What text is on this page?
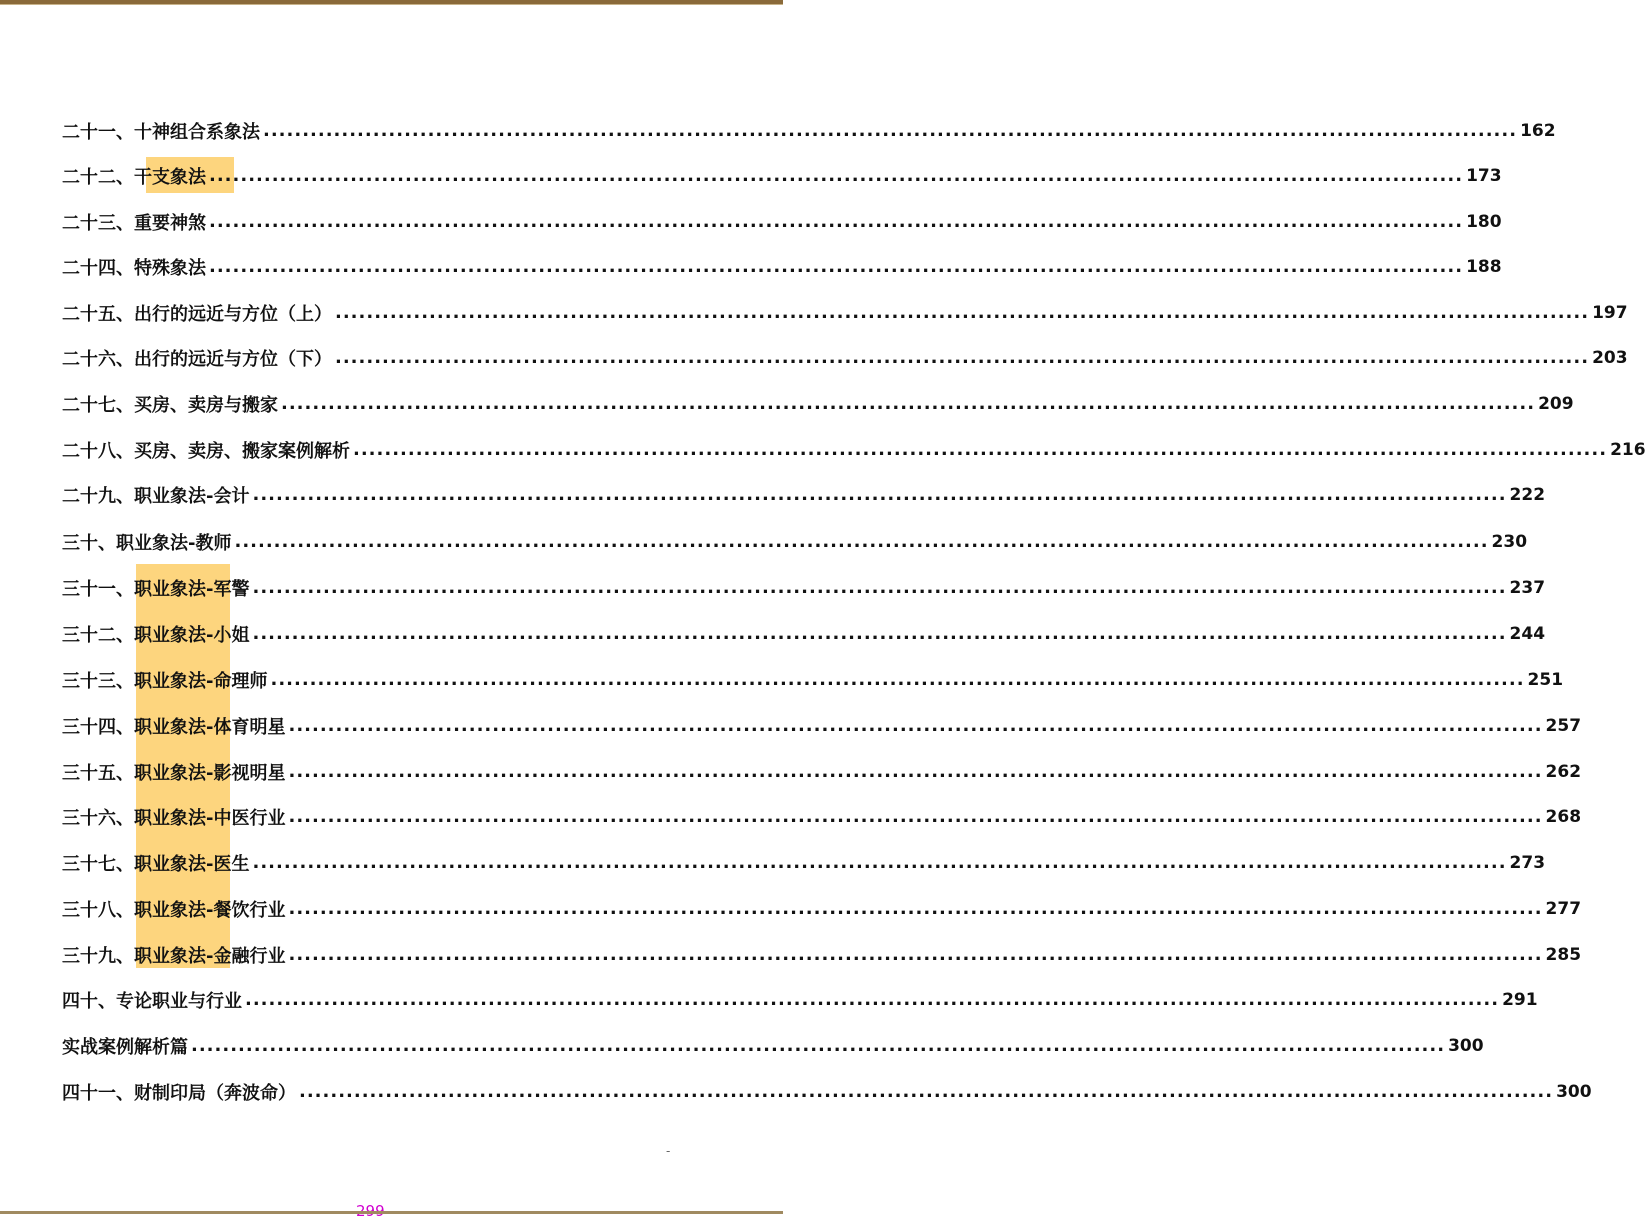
二十一、 十神组合系象法 ................................................................................................................................................................ 162
二十二、 干支象法 ................................................................................................................................................................ 173
二十三、 重要神煞 ................................................................................................................................................................ 180
二十四、 特殊象法 ................................................................................................................................................................ 188
二十五、 出行的远近与方位（上） ................................................................................................................................................................ 197
二十六、 出行的远近与方位（下） ................................................................................................................................................................ 203
二十七、 买房、卖房与搬家 ................................................................................................................................................................ 209
二十八、 买房、卖房、搬家案例解析 ................................................................................................................................................................ 216
二十九、 职业象法-会计 ................................................................................................................................................................ 222
三十、 职业象法-教师 ................................................................................................................................................................ 230
三十一、 职业象法-军警 ................................................................................................................................................................ 237
三十二、 职业象法-小姐 ................................................................................................................................................................ 244
三十三、 职业象法-命理师 ................................................................................................................................................................ 251
三十四、 职业象法-体育明星 ................................................................................................................................................................ 257
三十五、 职业象法-影视明星 ................................................................................................................................................................ 262
三十六、 职业象法-中医行业 ................................................................................................................................................................ 268
三十七、 职业象法-医生 ................................................................................................................................................................ 273
三十八、 职业象法-餐饮行业 ................................................................................................................................................................ 277
三十九、 职业象法-金融行业 ................................................................................................................................................................ 285
四十、 专论职业与行业 ................................................................................................................................................................ 291
实战案例解析篇 ................................................................................................................................................................ 300
四十一、 财制印局（奔波命） ................................................................................................................................................................ 300
-
